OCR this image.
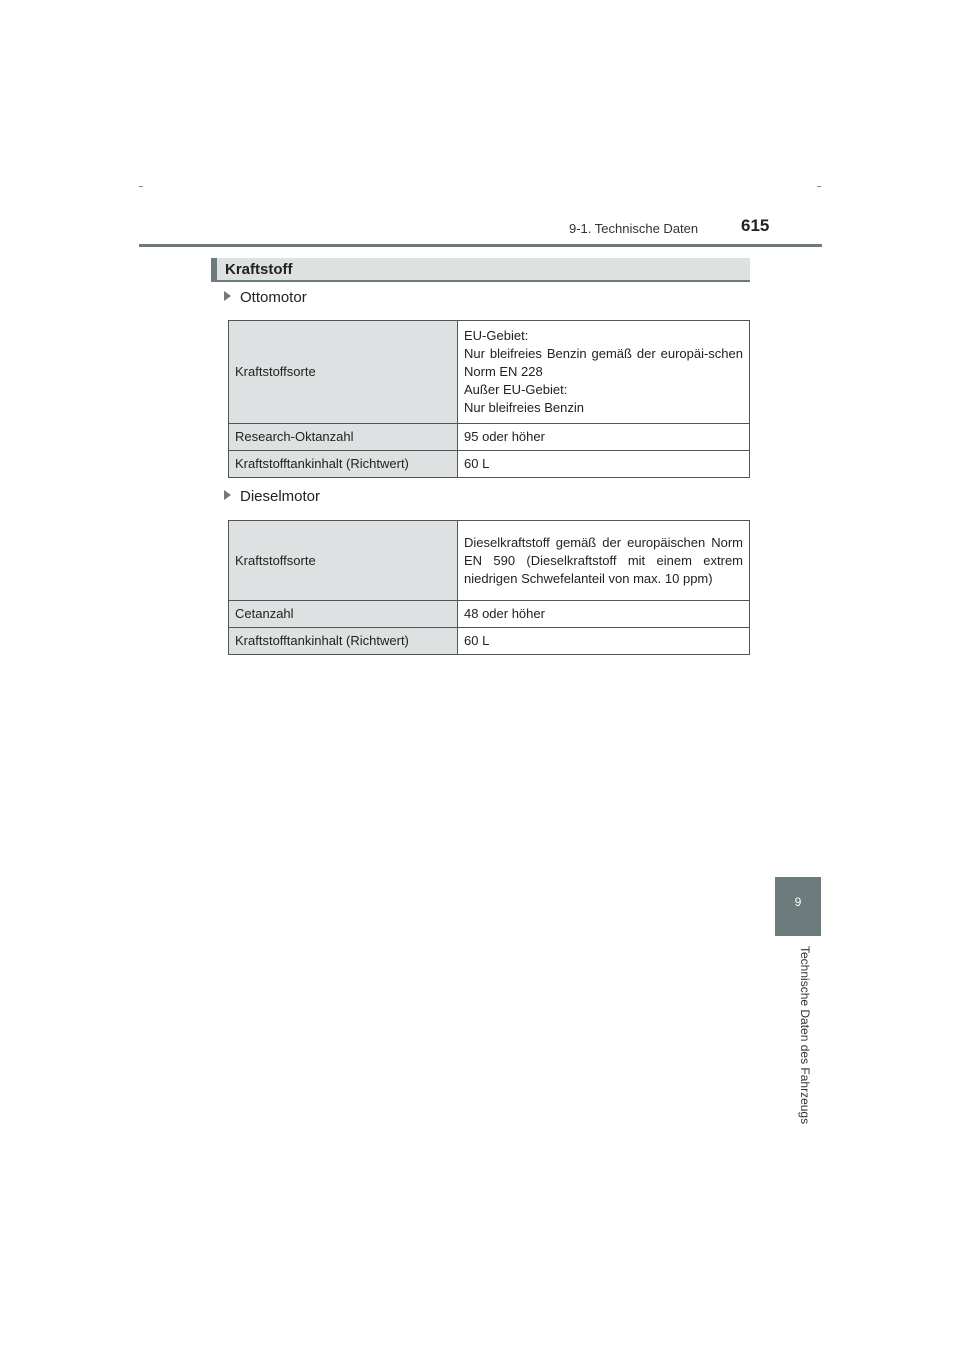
9-1. Technische Daten	615
Kraftstoff
Ottomotor
Kraftstoffsorte	EU-Gebiet:
Nur bleifreies Benzin gemäß der europäi-schen Norm EN 228
Außer EU-Gebiet:
Nur bleifreies Benzin

Research-Oktanzahl	95 oder höher
Kraftstofftankinhalt (Richtwert)	60 L
Dieselmotor
Kraftstoffsorte	Dieselkraftstoff gemäß der europäischen Norm EN 590 (Dieselkraftstoff mit einem extrem niedrigen Schwefelanteil von max. 10 ppm)
Cetanzahl	48 oder höher
Kraftstofftankinhalt (Richtwert)	60 L
9
Technische Daten des Fahrzeugs
